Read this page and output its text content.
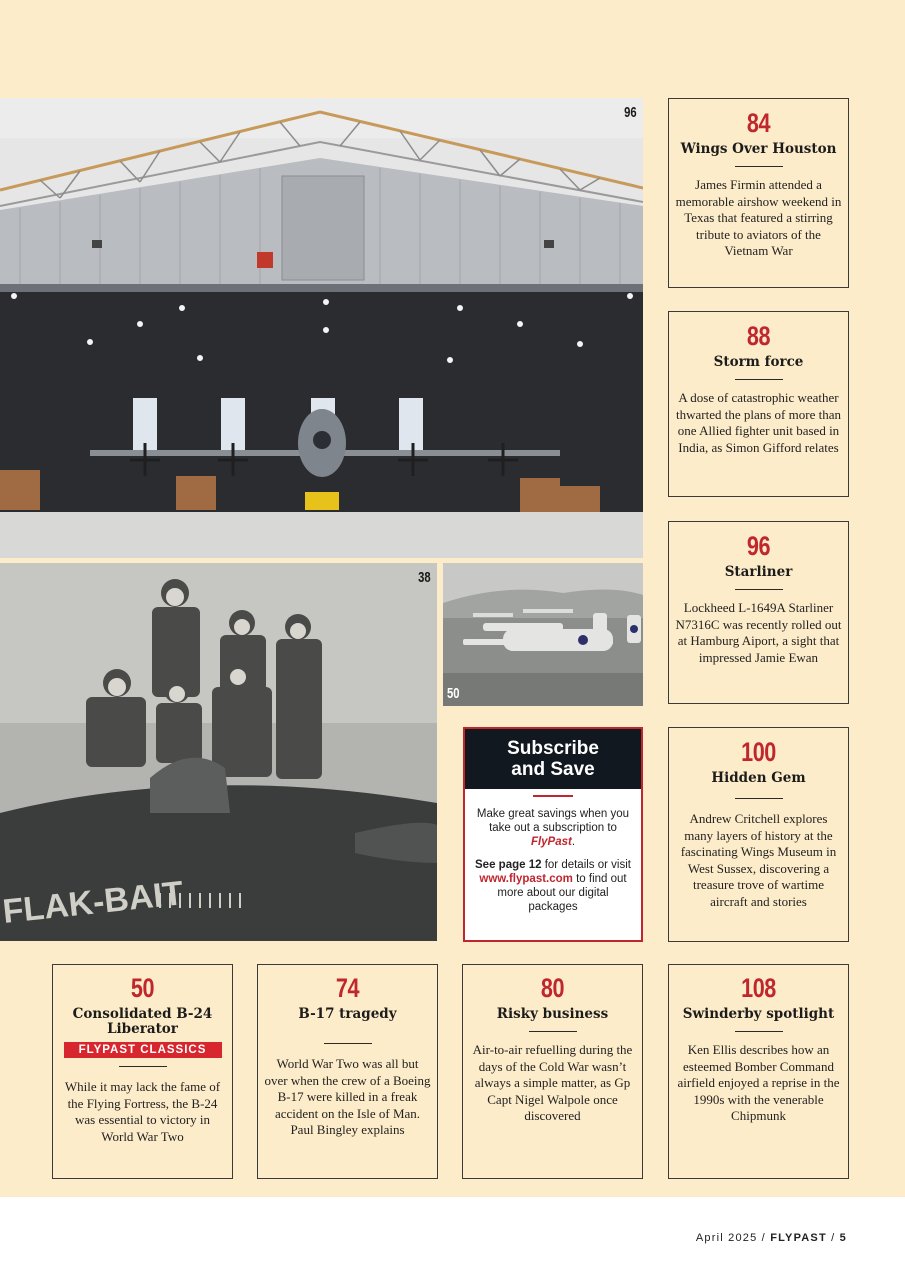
96
FLAK-BAIT
38
50
84
Wings Over Houston
James Firmin attended a memorable airshow weekend in Texas that featured a stirring tribute to aviators of the Vietnam War
88
Storm force
A dose of catastrophic weather thwarted the plans of more than one Allied fighter unit based in India, as Simon Gifford relates
96
Starliner
Lockheed L-1649A Starliner N7316C was recently rolled out at Hamburg Aiport, a sight that impressed Jamie Ewan
100
Hidden Gem
Andrew Critchell explores many layers of history at the fascinating Wings Museum in West Sussex, discovering a treasure trove of wartime aircraft and stories
Subscribe
and Save
Make great savings when you take out a subscription to FlyPast.
See page 12 for details or visit www.flypast.com to find out more about our digital packages
50
Consolidated B-24 Liberator
FLYPAST CLASSICS
While it may lack the fame of the Flying Fortress, the B-24 was essential to victory in World War Two
74
B-17 tragedy
World War Two was all but over when the crew of a Boeing B-17 were killed in a freak accident on the Isle of Man. Paul Bingley explains
80
Risky business
Air-to-air refuelling during the days of the Cold War wasn’t always a simple matter, as Gp Capt Nigel Walpole once discovered
108
Swinderby spotlight
Ken Ellis describes how an esteemed Bomber Command airfield enjoyed a reprise in the 1990s with the venerable Chipmunk
April 2025 / FLYPAST / 5
